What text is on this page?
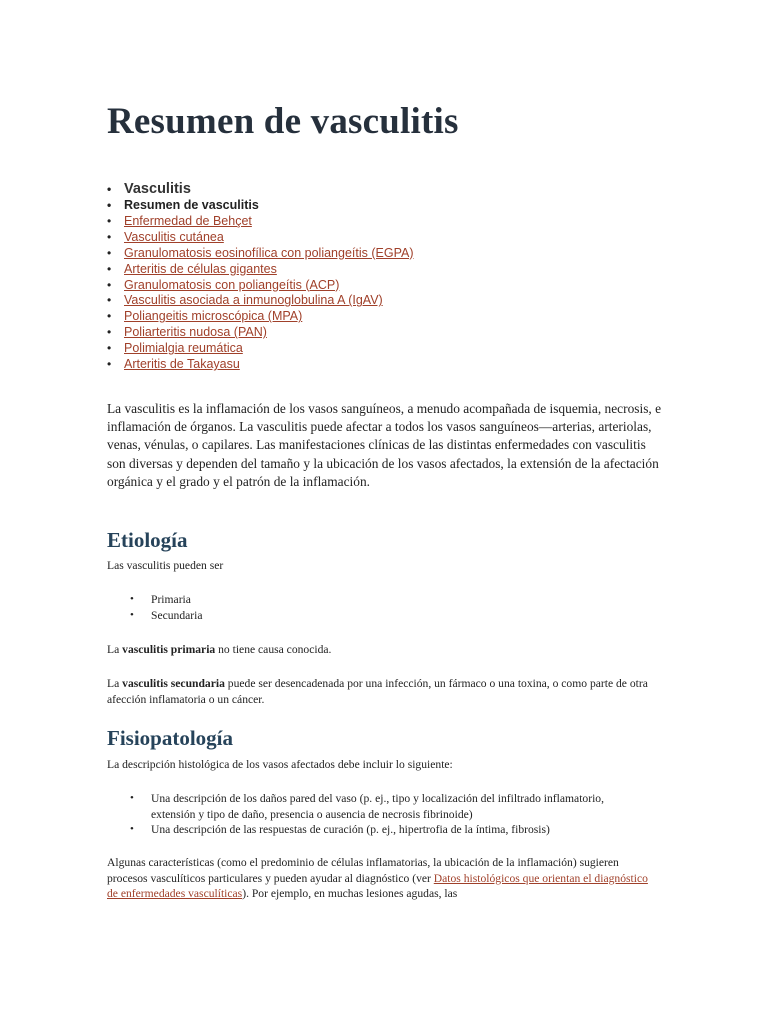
Resumen de vasculitis
• Vasculitis
• Resumen de vasculitis
• Enfermedad de Behçet
• Vasculitis cutánea
• Granulomatosis eosinofílica con poliangeítis (EGPA)
• Arteritis de células gigantes
• Granulomatosis con poliangeítis (ACP)
• Vasculitis asociada a inmunoglobulina A (IgAV)
• Poliangeitis microscópica (MPA)
• Poliarteritis nudosa (PAN)
• Polimialgia reumática
• Arteritis de Takayasu

La vasculitis es la inflamación de los vasos sanguíneos, a menudo acompañada de isquemia, necrosis, e inflamación de órganos. La vasculitis puede afectar a todos los vasos sanguíneos—arterias, arteriolas, venas, vénulas, o capilares. Las manifestaciones clínicas de las distintas enfermedades con vasculitis son diversas y dependen del tamaño y la ubicación de los vasos afectados, la extensión de la afectación orgánica y el grado y el patrón de la inflamación.

Etiología

Las vasculitis pueden ser

• Primaria
• Secundaria

La vasculitis primaria no tiene causa conocida.

La vasculitis secundaria puede ser desencadenada por una infección, un fármaco o una toxina, o como parte de otra afección inflamatoria o un cáncer.

Fisiopatología

La descripción histológica de los vasos afectados debe incluir lo siguiente:

• Una descripción de los daños pared del vaso (p. ej., tipo y localización del infiltrado inflamatorio, extensión y tipo de daño, presencia o ausencia de necrosis fibrinoide)
• Una descripción de las respuestas de curación (p. ej., hipertrofia de la íntima, fibrosis)

Algunas características (como el predominio de células inflamatorias, la ubicación de la inflamación) sugieren procesos vasculíticos particulares y pueden ayudar al diagnóstico (ver Datos histológicos que orientan el diagnóstico de enfermedades vasculíticas). Por ejemplo, en muchas lesiones agudas, las
